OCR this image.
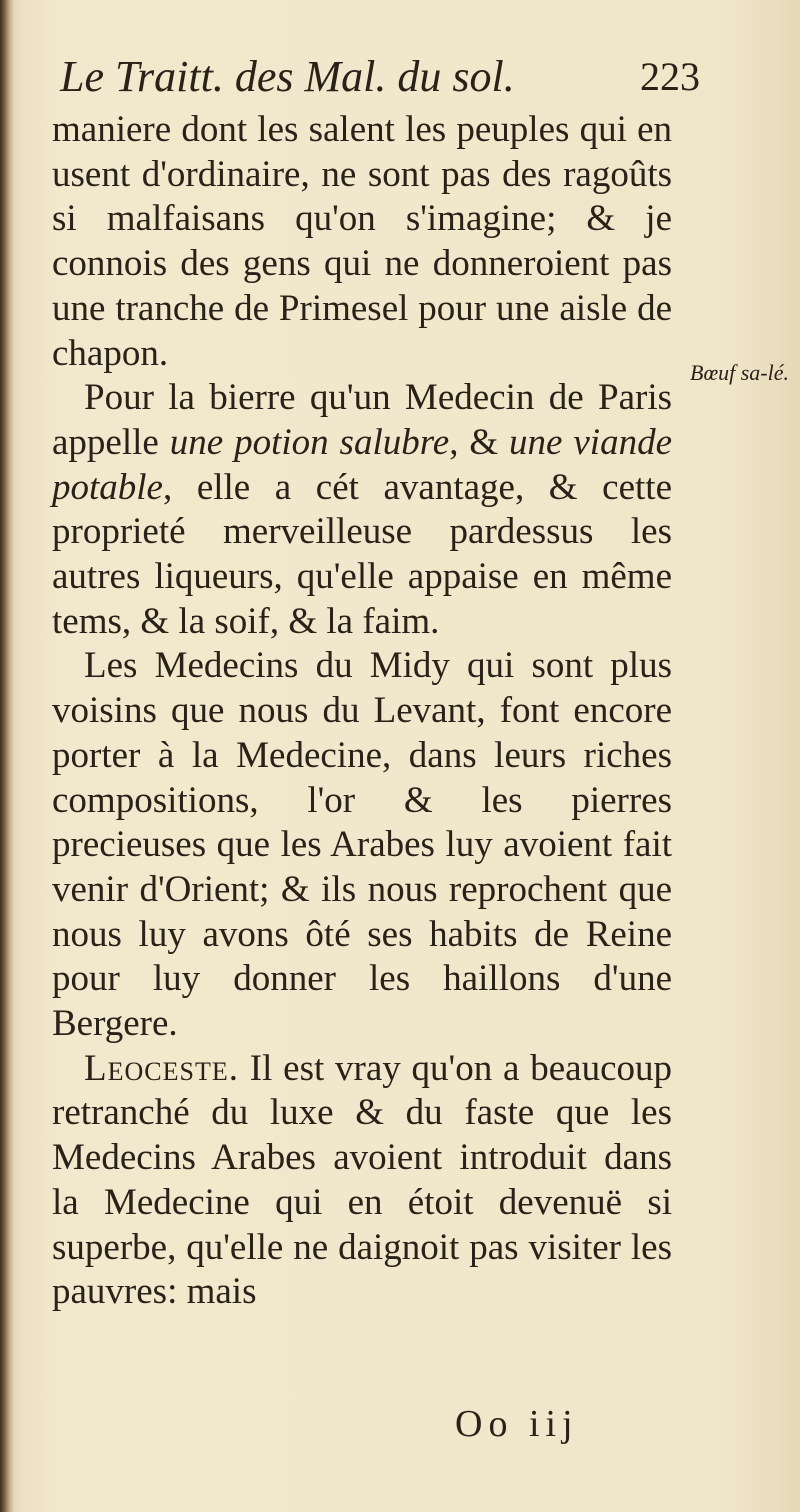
Le Traitt. des Mal. du sol.	223

maniere dont les salent les peuples qui en usent d'ordinaire, ne sont pas des ragoûts si malfaisans qu'on s'imagine; & je connois des gens qui ne donneroient pas une tranche de Primesel pour une aisle de chapon.

Pour la bierre qu'un Medecin de Paris appelle une potion salubre, & une viande potable, elle a cét avantage, & cette proprieté merveilleuse pardessus les autres liqueurs, qu'elle appaise en même tems, & la soif, & la faim.

Les Medecins du Midy qui sont plus voisins que nous du Levant, font encore porter à la Medecine, dans leurs riches compositions, l'or & les pierres precieuses que les Arabes luy avoient fait venir d'Orient; & ils nous reprochent que nous luy avons ôté ses habits de Reine pour luy donner les haillons d'une Bergere.

Leoceste. Il est vray qu'on a beaucoup retranché du luxe & du faste que les Medecins Arabes avoient introduit dans la Medecine qui en étoit devenuë si superbe, qu'elle ne daignoit pas visiter les pauvres: mais

Bœuf sa-lé.
Oo iij
